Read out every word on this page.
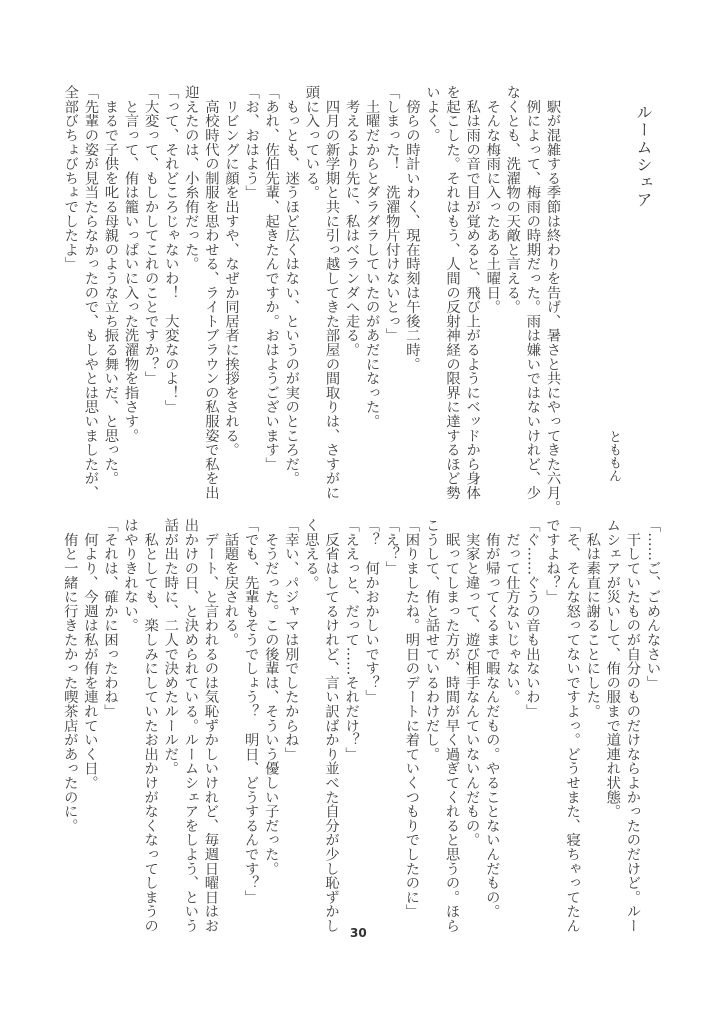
ルームシェア
とももん
　駅が混雑する季節は終わりを告げ、暑さと共にやってきた六月。
　例によって、梅雨の時期だった。雨は嫌いではないけれど、少
なくとも、洗濯物の天敵と言える。
　そんな梅雨に入ったある土曜日。
　私は雨の音で目が覚めると、飛び上がるようにベッドから身体
を起こした。それはもう、人間の反射神経の限界に達するほど勢
いよく。
　傍らの時計いわく、現在時刻は午後二時。
「しまった！　洗濯物片付けないとっ」
　土曜だからとダラダラしていたのがあだになった。
　考えるより先に、私はベランダへ走る。
　四月の新学期と共に引っ越してきた部屋の間取りは、さすがに
頭に入っている。
　もっとも、迷うほど広くはない、というのが実のところだ。
「あれ、佐伯先輩、起きたんですか。おはようございます」
「お、おはよう」
　リビングに顔を出すや、なぜか同居者に挨拶をされる。
　高校時代の制服を思わせる、ライトブラウンの私服姿で私を出
迎えたのは、小糸侑だった。
「って、それどころじゃないわ！　大変なのよ！」
「大変って、もしかしてこれのことですか？」
　と言って、侑は籠いっぱいに入った洗濯物を指さす。
　まるで子供を叱る母親のような立ち振る舞いだ、と思った。
「先輩の姿が見当たらなかったので、もしやとは思いましたが、
全部びちょびちょでしたよ」
「……ご、ごめんなさい」
　干していたものが自分のものだけならよかったのだけど。ルー
ムシェアが災いして、侑の服まで道連れ状態。
　私は素直に謝ることにした。
「そ、そんな怒ってないですよっ。どうせまた、寝ちゃってたん
ですよね？」
「ぐ……ぐうの音も出ないわ」
　だって仕方ないじゃない。
　侑が帰ってくるまで暇なんだもの。やることないんだもの。
　実家と違って、遊び相手なんていないんだもの。
　眠ってしまった方が、時間が早く過ぎてくれると思うの。ほら
こうして、侑と話せているわけだし。
「困りましたね。明日のデートに着ていくつもりでしたのに」
「え？」
「？　何かおかしいです？」
「ええっと、だって……それだけ？」
　反省はしてるけれど、言い訳ばかり並べた自分が少し恥ずかし
く思える。
「幸い、パジャマは別でしたからね」
　そうだった。この後輩は、そういう優しい子だった。
「でも、先輩もそうでしょう？　明日、どうするんです？」
　話題を戻される。
　デート、と言われるのは気恥ずかしいけれど、毎週日曜日はお
出かけの日、と決められている。ルームシェアをしよう、という
話が出た時に、二人で決めたルールだ。
　私としても、楽しみにしていたお出かけがなくなってしまうの
はやりきれない。
「それは、確かに困ったわね」
　何より、今週は私が侑を連れていく日。
　侑と一緒に行きたかった喫茶店があったのに。
30
